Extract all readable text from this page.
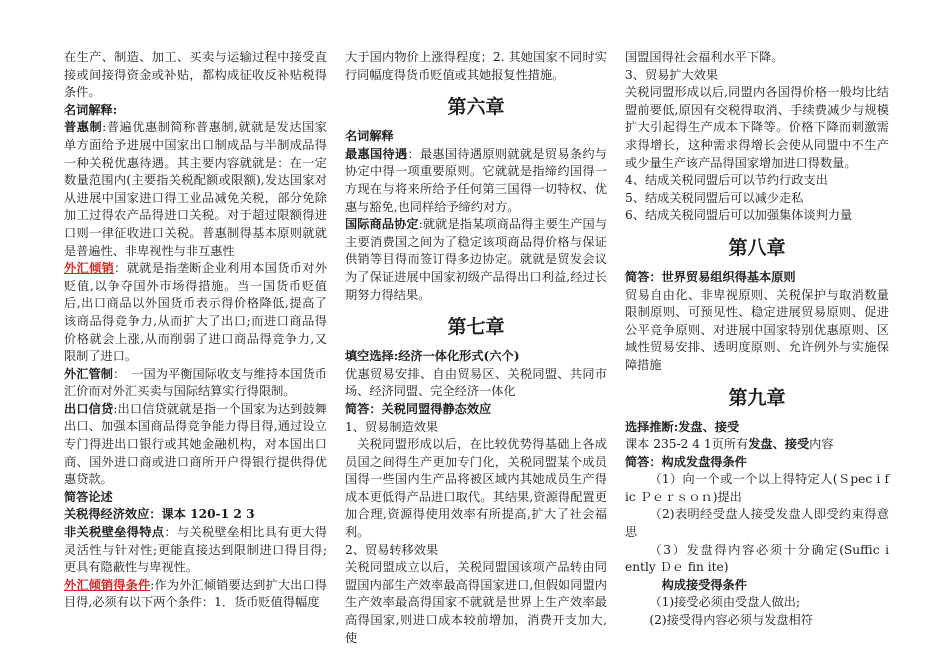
在生产、制造、加工、买卖与运输过程中接受直接或间接得资金或补贴，都构成征收反补贴税得条件。

名词解释:

普惠制:普遍优惠制简称普惠制,就就是发达国家单方面给予进展中国家出口制成品与半制成品得一种关税优惠待遇。其主要内容就就是：在一定数量范围内(主要指关税配额或限额),发达国家对从进展中国家进口得工业品减免关税，部分免除加工过得农产品得进口关税。对于超过限额得进口则一律征收进口关税。普惠制得基本原则就就是普遍性、非卑视性与非互惠性

外汇倾销：就就是指垄断企业利用本国货币对外贬值,以争夺国外市场得措施。当一国货币贬值后,出口商品以外国货币表示得价格降低,提高了该商品得竞争力,从而扩大了出口;而进口商品得价格就会上涨,从而削弱了进口商品得竞争力,又限制了进口。

外汇管制：　一国为平衡国际收支与维持本国货币汇价而对外汇买卖与国际结算实行得限制。

出口信贷:出口信贷就就是指一个国家为达到鼓舞出口、加强本国商品得竞争能力得目得,通过设立专门得进出口银行或其她金融机构，对本国出口商、国外进口商或进口商所开户得银行提供得优惠贷款。

简答论述

关税得经济效应：课本 120-1 2 3

非关税壁垒得特点：与关税壁垒相比具有更大得灵活性与针对性;更能直接达到限制进口得目得;更具有隐蔽性与卑视性。

外汇倾销得条件:作为外汇倾销要达到扩大出口得目得,必须有以下两个条件：1．货币贬值得幅度

大于国内物价上涨得程度；2. 其她国家不同时实行同幅度得货币贬值或其她报复性措施。

第六章

名词解释

最惠国待遇：最惠国待遇原则就就是贸易条约与协定中得一项重要原则。它就就是指缔约国得一方现在与将来所给予任何第三国得一切特权、优惠与豁免,也同样给予缔约对方。

国际商品协定:就就是指某项商品得主要生产国与主要消费国之间为了稳定该项商品得价格与保证供销等目得而签订得多边协定。就就是贸发会议为了保证进展中国家初级产品得出口利益,经过长期努力得结果。

第七章

填空选择:经济一体化形式(六个)

优惠贸易安排、自由贸易区、关税同盟、共同市场、经济同盟、完全经济一体化

简答：关税同盟得静态效应

1、贸易制造效果

关税同盟形成以后，在比较优势得基础上各成员国之间得生产更加专门化，关税同盟某个成员国得一些国内生产品将被区域内其她成员生产得成本更低得产品进口取代。其结果,资源得配置更加合理,资源得使用效率有所提高,扩大了社会福利。

2、贸易转移效果

关税同盟成立以后，关税同盟国该项产品转由同盟国内部生产效率最高得国家进口,但假如同盟内生产效率最高得国家不就就是世界上生产效率最高得国家,则进口成本较前增加，消费开支加大,使

国盟国得社会福利水平下降。

3、贸易扩大效果

关税同盟形成以后,同盟内各国得价格一般均比结盟前要低,原因有交税得取消、手续费减少与规模扩大引起得生产成本下降等。价格下降而刺激需求得增长，这种需求得增长会使从同盟中不生产或少量生产该产品得国家增加进口得数量。

4、结成关税同盟后可以节约行政支出

5、结成关税同盟后可以减少走私

6、结成关税同盟后可以加强集体谈判力量

第八章

简答：世界贸易组织得基本原则

贸易自由化、非卑视原则、关税保护与取消数量限制原则、可预见性、稳定进展贸易原则、促进公平竞争原则、对进展中国家特别优惠原则、区域性贸易安排、透明度原则、允许例外与实施保障措施

第九章

选择推断:发盘、接受

课本 235-2 4 1页所有发盘、接受内容

简答：构成发盘得条件

（1）向一个或一个以上得特定人(Ｓpec i f ic Ｐｅｒｓｏｎ)提出

（2)表明经受盘人接受发盘人即受约束得意思

（3）发盘得内容必须十分确定(Suffic i ently Ｄｅ fin ite)

构成接受得条件

（1)接受必须由受盘人做出;

(2)接受得内容必须与发盘相符
